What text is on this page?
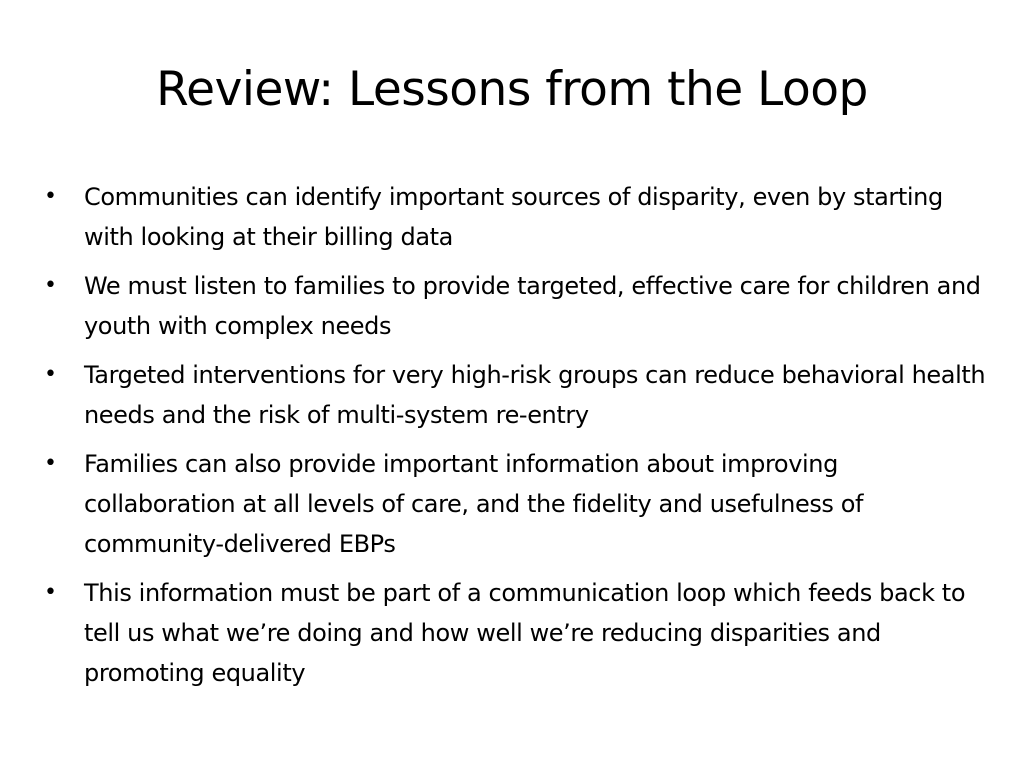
Review: Lessons from the Loop
•	Communities can identify important sources of disparity, even by starting with looking at their billing data
•	We must listen to families to provide targeted, effective care for children and youth with complex needs
•	Targeted interventions for very high-risk groups can reduce behavioral health needs and the risk of multi-system re-entry
•	Families can also provide important information about improving collaboration at all levels of care, and the fidelity and usefulness of community-delivered EBPs
•	This information must be part of a communication loop which feeds back to tell us what we’re doing and how well we’re reducing disparities and promoting equality
